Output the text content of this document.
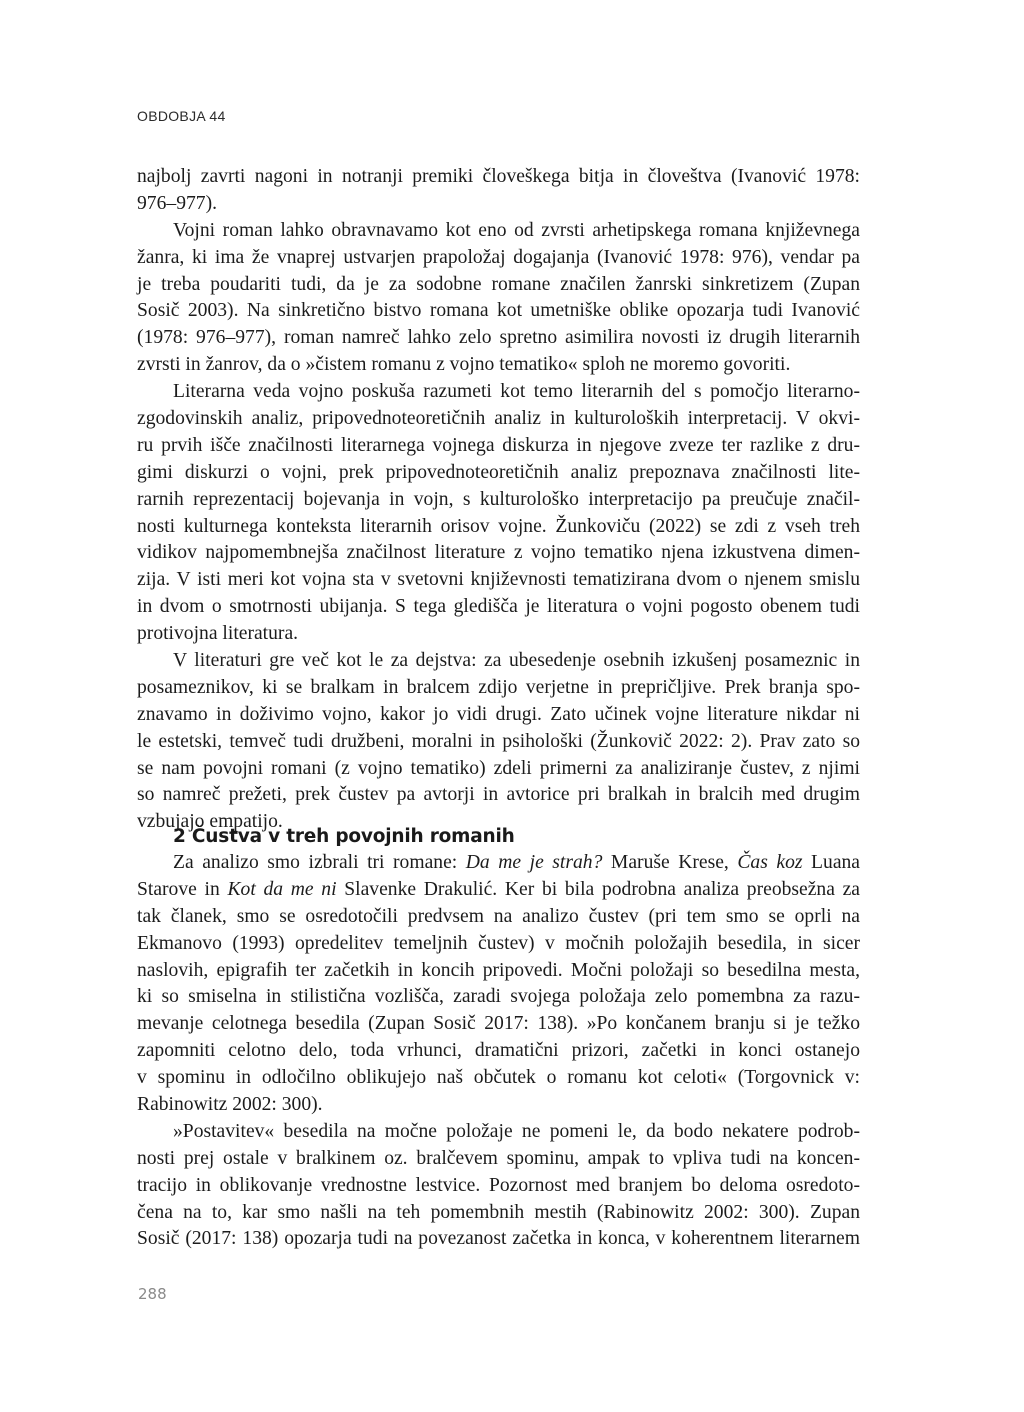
OBDOBJA 44
najbolj zavrti nagoni in notranji premiki človeškega bitja in človeštva (Ivanović 1978:
976–977).
Vojni roman lahko obravnavamo kot eno od zvrsti arhetipskega romana književnega
žanra, ki ima že vnaprej ustvarjen prapoložaj dogajanja (Ivanović 1978: 976), vendar pa
je treba poudariti tudi, da je za sodobne romane značilen žanrski sinkretizem (Zupan
Sosič 2003). Na sinkretično bistvo romana kot umetniške oblike opozarja tudi Ivanović
(1978: 976–977), roman namreč lahko zelo spretno asimilira novosti iz drugih literarnih
zvrsti in žanrov, da o »čistem romanu z vojno tematiko« sploh ne moremo govoriti.
Literarna veda vojno poskuša razumeti kot temo literarnih del s pomočjo literarno-
zgodovinskih analiz, pripovednoteoretičnih analiz in kulturoloških interpretacij. V okvi-
ru prvih išče značilnosti literarnega vojnega diskurza in njegove zveze ter razlike z dru-
gimi diskurzi o vojni, prek pripovednoteoretičnih analiz prepoznava značilnosti lite-
rarnih reprezentacij bojevanja in vojn, s kulturološko interpretacijo pa preučuje značil-
nosti kulturnega konteksta literarnih orisov vojne. Žunkoviču (2022) se zdi z vseh treh
vidikov najpomembnejša značilnost literature z vojno tematiko njena izkustvena dimen-
zija. V isti meri kot vojna sta v svetovni književnosti tematizirana dvom o njenem smislu
in dvom o smotrnosti ubijanja. S tega gledišča je literatura o vojni pogosto obenem tudi
protivojna literatura.
V literaturi gre več kot le za dejstva: za ubesedenje osebnih izkušenj posameznic in
posameznikov, ki se bralkam in bralcem zdijo verjetne in prepričljive. Prek branja spo-
znavamo in doživimo vojno, kakor jo vidi drugi. Zato učinek vojne literature nikdar ni
le estetski, temveč tudi družbeni, moralni in psihološki (Žunkovič 2022: 2). Prav zato so
se nam povojni romani (z vojno tematiko) zdeli primerni za analiziranje čustev, z njimi
so namreč prežeti, prek čustev pa avtorji in avtorice pri bralkah in bralcih med drugim
vzbujajo empatijo.
2 Čustva v treh povojnih romanih
Za analizo smo izbrali tri romane: Da me je strah? Maruše Krese, Čas koz Luana
Starove in Kot da me ni Slavenke Drakulić. Ker bi bila podrobna analiza preobsežna za
tak članek, smo se osredotočili predvsem na analizo čustev (pri tem smo se oprli na
Ekmanovo (1993) opredelitev temeljnih čustev) v močnih položajih besedila, in sicer
naslovih, epigrafih ter začetkih in koncih pripovedi. Močni položaji so besedilna mesta,
ki so smiselna in stilistična vozlišča, zaradi svojega položaja zelo pomembna za razu-
mevanje celotnega besedila (Zupan Sosič 2017: 138). »Po končanem branju si je težko
zapomniti celotno delo, toda vrhunci, dramatični prizori, začetki in konci ostanejo
v spominu in odločilno oblikujejo naš občutek o romanu kot celoti« (Torgovnick v:
Rabinowitz 2002: 300).
»Postavitev« besedila na močne položaje ne pomeni le, da bodo nekatere podrob-
nosti prej ostale v bralkinem oz. bralčevem spominu, ampak to vpliva tudi na koncen-
tracijo in oblikovanje vrednostne lestvice. Pozornost med branjem bo deloma osredoto-
čena na to, kar smo našli na teh pomembnih mestih (Rabinowitz 2002: 300). Zupan
Sosič (2017: 138) opozarja tudi na povezanost začetka in konca, v koherentnem literarnem
288
